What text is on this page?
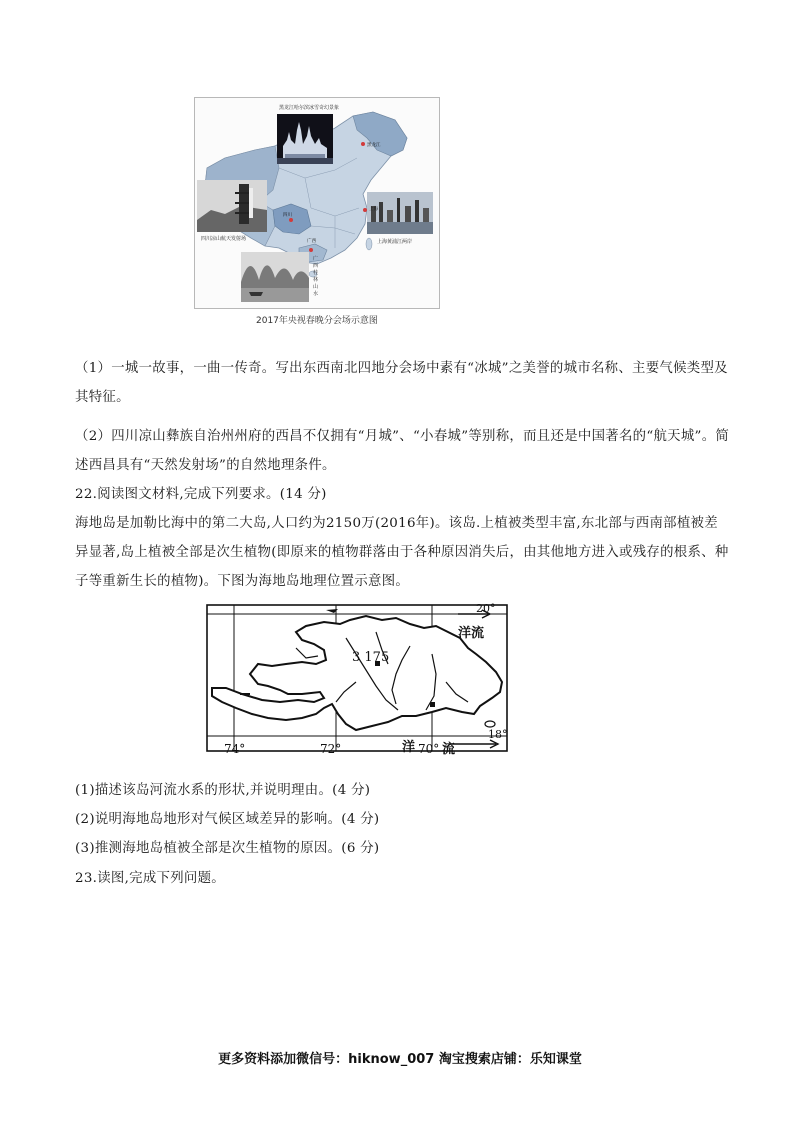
黑龙江哈尔滨冰雪奇幻景象
四川凉山航天发射场	上海黄浦江两岸
广西桂林山水
黑龙江
四川
上海
广西
2017年央视春晚分会场示意图

（1）一城一故事，一曲一传奇。写出东西南北四地分会场中素有“冰城”之美誉的城市名称、主要气候类型及其特征。

（2）四川凉山彝族自治州州府的西昌不仅拥有“月城”、“小春城”等别称，而且还是中国著名的“航天城”。简述西昌具有“天然发射场”的自然地理条件。

22.阅读图文材料,完成下列要求。(14 分)

海地岛是加勒比海中的第二大岛,人口约为2150万(2016年)。该岛.上植被类型丰富,东北部与西南部植被差异显著,岛上植被全部是次生植物(即原来的植物群落由于各种原因消失后，由其他地方进入或残存的根系、种子等重新生长的植物)。下图为海地岛地理位置示意图。

20°
18°
74°	72°	70°
洋流
洋 流
3 175

(1)描述该岛河流水系的形状,并说明理由。(4 分)

(2)说明海地岛地形对气候区域差异的影响。(4 分)

(3)推测海地岛植被全部是次生植物的原因。(6 分)

23.读图,完成下列问题。

更多资料添加微信号：hiknow_007 淘宝搜索店铺：乐知课堂
